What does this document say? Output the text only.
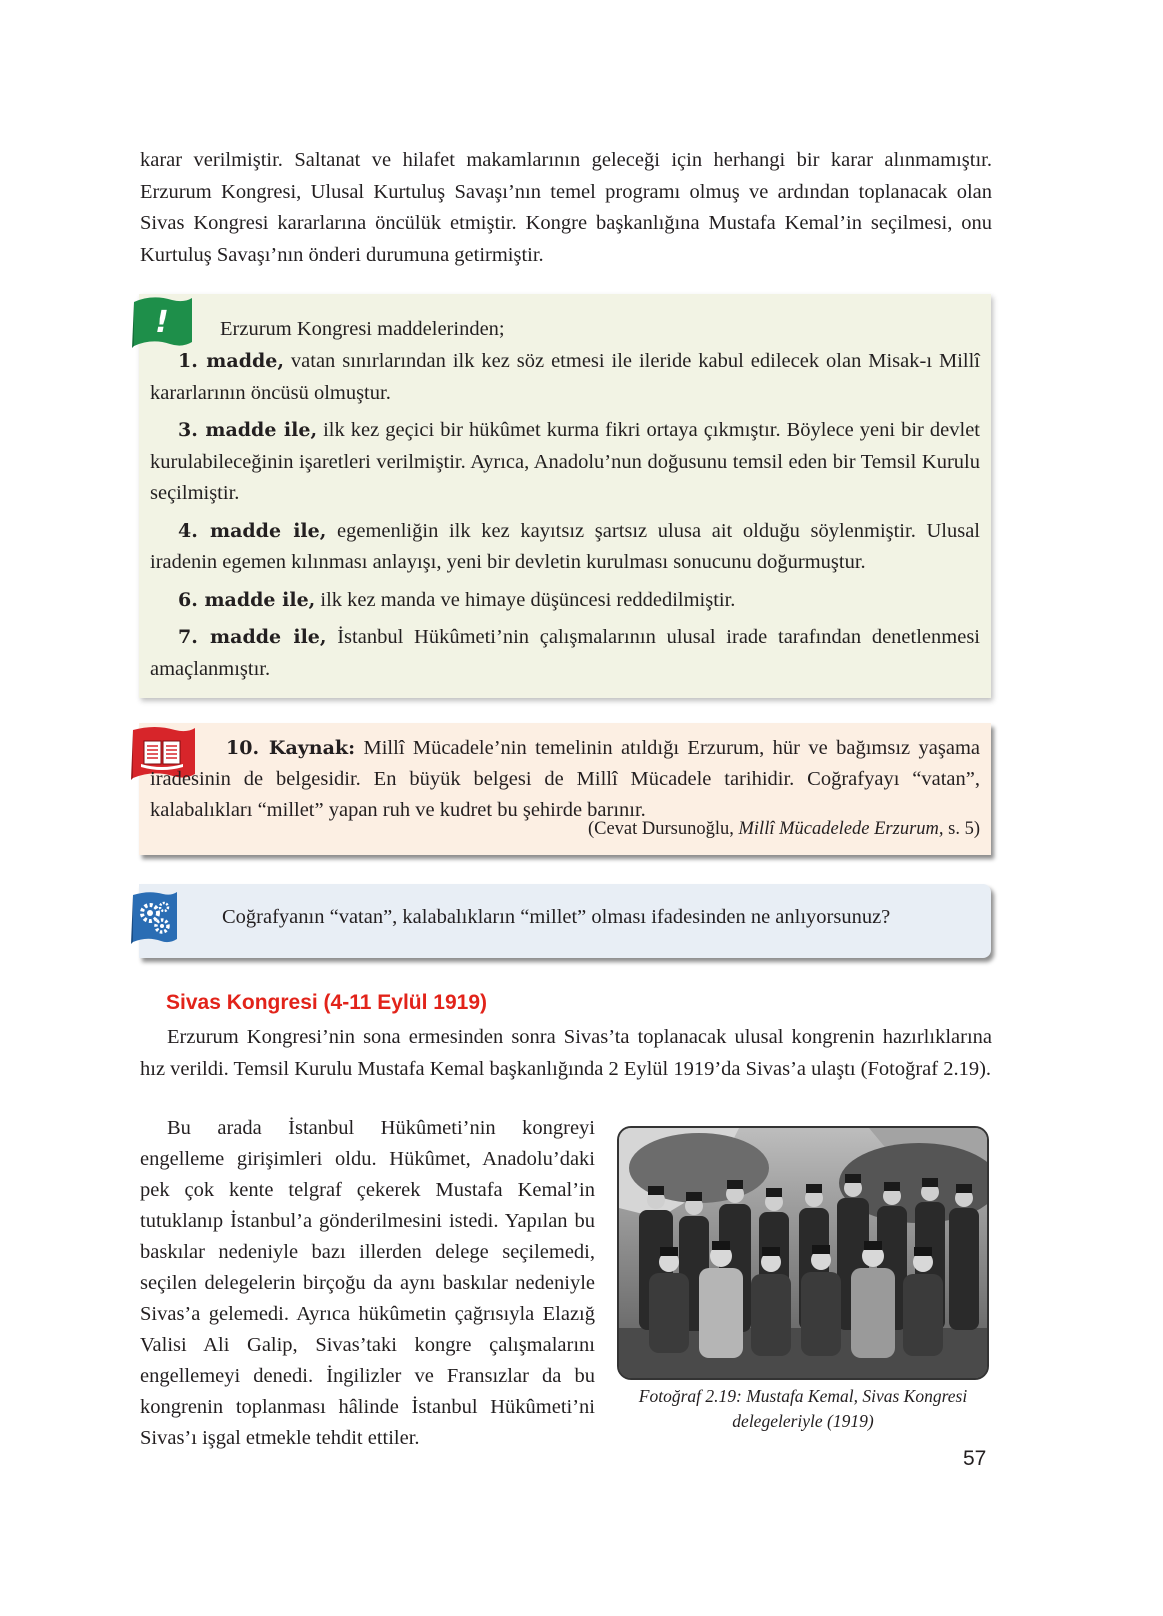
karar verilmiştir. Saltanat ve hilafet makamlarının geleceği için herhangi bir karar alınmamıştır. Erzurum Kongresi, Ulusal Kurtuluş Savaşı’nın temel programı olmuş ve ardından toplanacak olan Sivas Kongresi kararlarına öncülük etmiştir. Kongre başkanlığına Mustafa Kemal’in seçilmesi, onu Kurtuluş Savaşı’nın önderi durumuna getirmiştir.

! Erzurum Kongresi maddelerinden;

1. madde, vatan sınırlarından ilk kez söz etmesi ile ileride kabul edilecek olan Misak-ı Millî kararlarının öncüsü olmuştur.

3. madde ile, ilk kez geçici bir hükûmet kurma fikri ortaya çıkmıştır. Böylece yeni bir devlet kurulabileceğinin işaretleri verilmiştir. Ayrıca, Anadolu’nun doğusunu temsil eden bir Temsil Kurulu seçilmiştir.

4. madde ile, egemenliğin ilk kez kayıtsız şartsız ulusa ait olduğu söylenmiştir. Ulusal iradenin egemen kılınması anlayışı, yeni bir devletin kurulması sonucunu doğurmuştur.

6. madde ile, ilk kez manda ve himaye düşüncesi reddedilmiştir.

7. madde ile, İstanbul Hükûmeti’nin çalışmalarının ulusal irade tarafından denetlenmesi amaçlanmıştır.

10. Kaynak: Millî Mücadele’nin temelinin atıldığı Erzurum, hür ve bağımsız yaşama iradesinin de belgesidir. En büyük belgesi de Millî Mücadele tarihidir. Coğrafyayı “vatan”, kalabalıkları “millet” yapan ruh ve kudret bu şehirde barınır.
(Cevat Dursunoğlu, Millî Mücadelede Erzurum, s. 5)

Coğrafyanın “vatan”, kalabalıkların “millet” olması ifadesinden ne anlıyorsunuz?

Sivas Kongresi (4-11 Eylül 1919)

Erzurum Kongresi’nin sona ermesinden sonra Sivas’ta toplanacak ulusal kongrenin hazırlıklarına hız verildi. Temsil Kurulu Mustafa Kemal başkanlığında 2 Eylül 1919’da Sivas’a ulaştı (Fotoğraf 2.19).

Bu arada İstanbul Hükûmeti’nin kongreyi engelleme girişimleri oldu. Hükûmet, Anadolu’daki pek çok kente telgraf çekerek Mustafa Kemal’in tutuklanıp İstanbul’a gönderilmesini istedi. Yapılan bu baskılar nedeniyle bazı illerden delege seçilemedi, seçilen delegelerin birçoğu da aynı baskılar nedeniyle Sivas’a gelemedi. Ayrıca hükûmetin çağrısıyla Elazığ Valisi Ali Galip, Sivas’taki kongre çalışmalarını engellemeyi denedi. İngilizler ve Fransızlar da bu kongrenin toplanması hâlinde İstanbul Hükûmeti’ni Sivas’ı işgal etmekle tehdit ettiler.

Fotoğraf 2.19: Mustafa Kemal, Sivas Kongresi delegeleriyle (1919)

57
